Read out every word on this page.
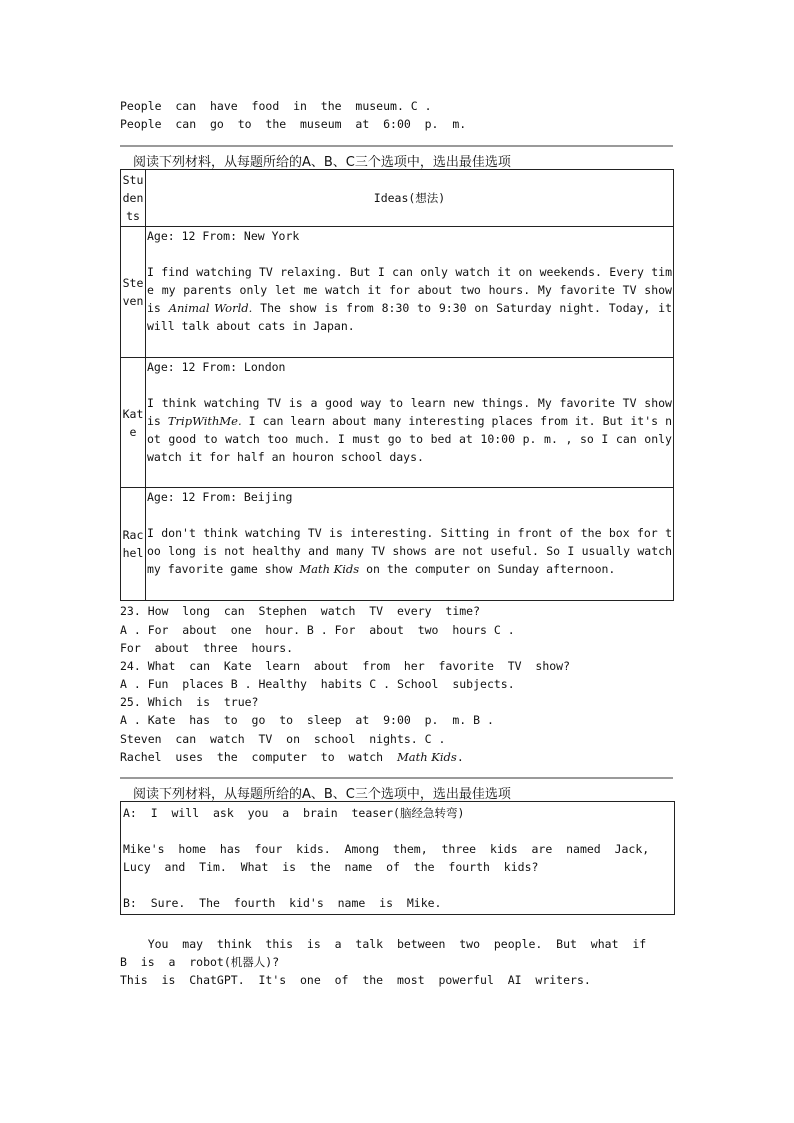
People  can  have  food  in  the  museum. C .
People  can  go  to  the  museum  at  6:00  p.  m.
阅读下列材料，从每题所给的A、B、C三个选项中，选出最佳选项
Students	Ideas(想法)
Steven	Age: 12 From: New York
I find watching TV relaxing. But I can only watch it on weekends. Every time my parents only let me watch it for about two hours. My favorite TV show is Animal World. The show is from 8:30 to 9:30 on Saturday night. Today, it will talk about cats in Japan.

Kate	Age: 12 From: London
I think watching TV is a good way to learn new things. My favorite TV show is TripWithMe. I can learn about many interesting places from it. But it's not good to watch too much. I must go to bed at 10:00 p. m. , so I can only watch it for half an houron school days.

Rachel	Age: 12 From: Beijing
I don't think watching TV is interesting. Sitting in front of the box for too long is not healthy and many TV shows are not useful. So I usually watch my favorite game show Math Kids on the computer on Sunday afternoon.
23. How  long  can  Stephen  watch  TV  every  time?
A . For  about  one  hour. B . For  about  two  hours C .
For  about  three  hours.
24. What  can  Kate  learn  about  from  her  favorite  TV  show?
A . Fun  places B . Healthy  habits C . School  subjects.
25. Which  is  true?
A . Kate  has  to  go  to  sleep  at  9:00  p.  m. B .
Steven  can  watch  TV  on  school  nights. C .
Rachel  uses  the  computer  to  watch  Math Kids.
阅读下列材料，从每题所给的A、B、C三个选项中，选出最佳选项
A:  I  will  ask  you  a  brain  teaser(脑经急转弯)
Mike's  home  has  four  kids.  Among  them,  three  kids  are  named  Jack,
Lucy  and  Tim.  What  is  the  name  of  the  fourth  kids?
B:  Sure.  The  fourth  kid's  name  is  Mike.
You  may  think  this  is  a  talk  between  two  people.  But  what  if
B  is  a  robot(机器人)?
This  is  ChatGPT.  It's  one  of  the  most  powerful  AI  writers.
